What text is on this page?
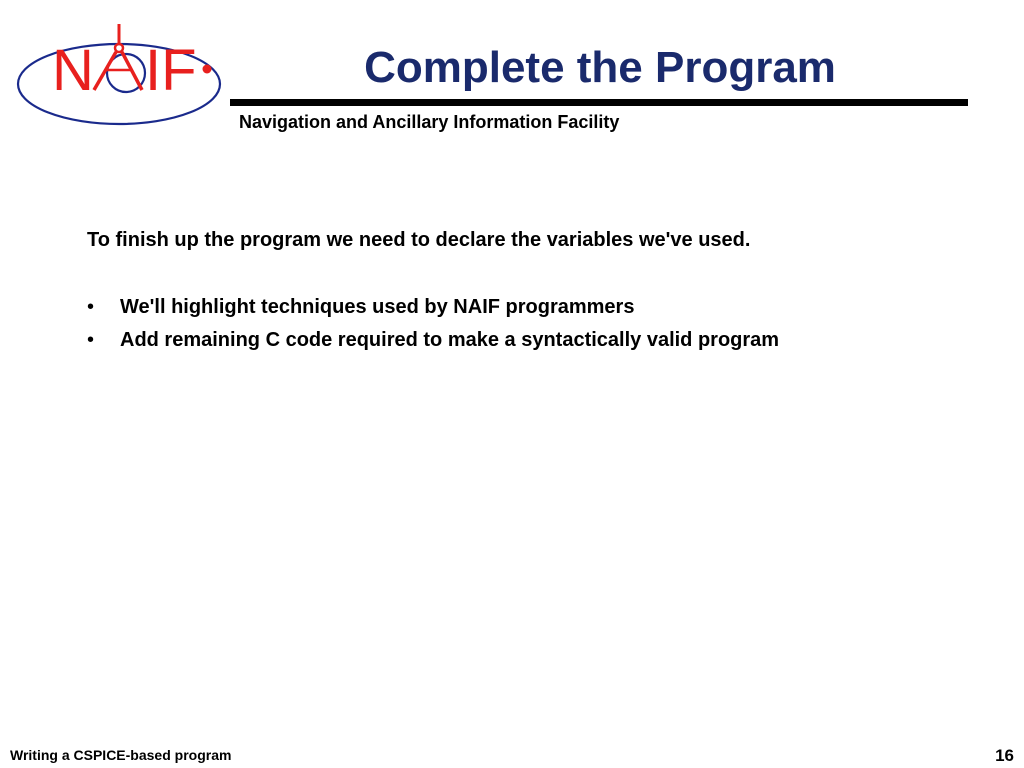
N IF	Complete the Program
Navigation and Ancillary Information Facility

To finish up the program we need to declare the variables we've used.

• We'll highlight techniques used by NAIF programmers
• Add remaining C code required to make a syntactically valid program
Writing a CSPICE-based program	16
